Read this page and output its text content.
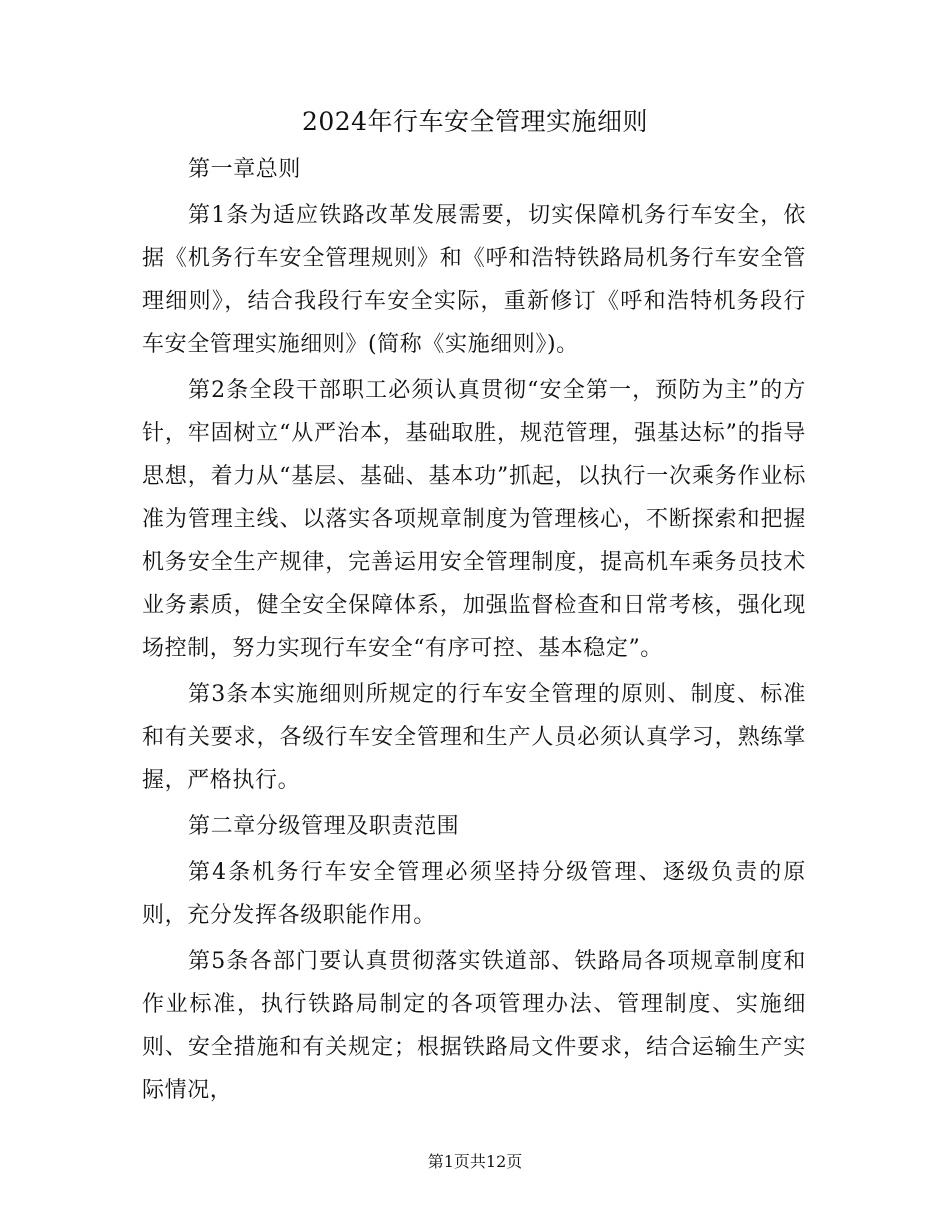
2024年行车安全管理实施细则

第一章总则

第1条为适应铁路改革发展需要，切实保障机务行车安全，依据《机务行车安全管理规则》和《呼和浩特铁路局机务行车安全管理细则》，结合我段行车安全实际，重新修订《呼和浩特机务段行车安全管理实施细则》(简称《实施细则》)。

第2条全段干部职工必须认真贯彻“安全第一，预防为主”的方针，牢固树立“从严治本，基础取胜，规范管理，强基达标”的指导思想，着力从“基层、基础、基本功”抓起，以执行一次乘务作业标准为管理主线、以落实各项规章制度为管理核心，不断探索和把握机务安全生产规律，完善运用安全管理制度，提高机车乘务员技术业务素质，健全安全保障体系，加强监督检查和日常考核，强化现场控制，努力实现行车安全“有序可控、基本稳定”。

第3条本实施细则所规定的行车安全管理的原则、制度、标准和有关要求，各级行车安全管理和生产人员必须认真学习，熟练掌握，严格执行。

第二章分级管理及职责范围

第4条机务行车安全管理必须坚持分级管理、逐级负责的原则，充分发挥各级职能作用。

第5条各部门要认真贯彻落实铁道部、铁路局各项规章制度和作业标准，执行铁路局制定的各项管理办法、管理制度、实施细则、安全措施和有关规定；根据铁路局文件要求，结合运输生产实际情况，

第1页共12页
